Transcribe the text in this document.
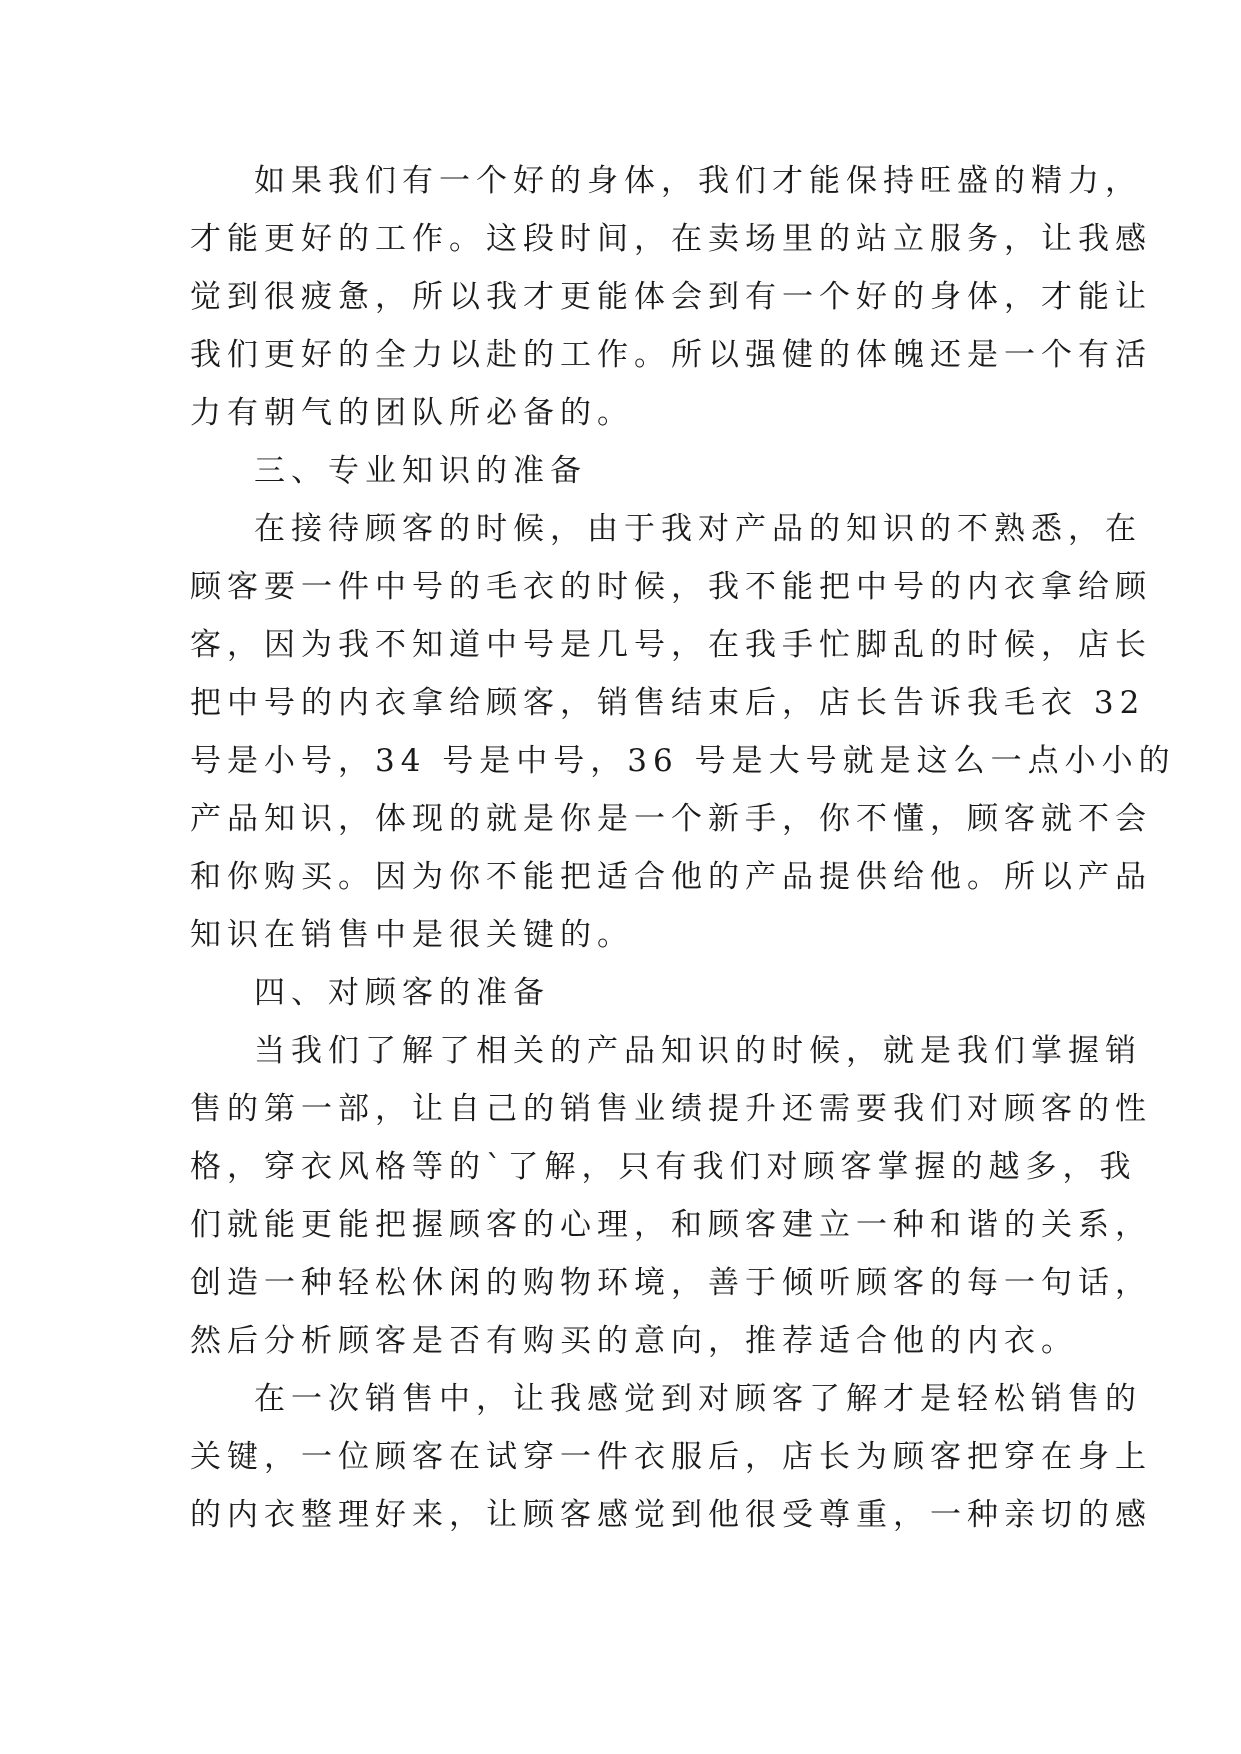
如果我们有一个好的身体，我们才能保持旺盛的精力，
才能更好的工作。这段时间，在卖场里的站立服务，让我感
觉到很疲惫，所以我才更能体会到有一个好的身体，才能让
我们更好的全力以赴的工作。所以强健的体魄还是一个有活
力有朝气的团队所必备的。
三、专业知识的准备
在接待顾客的时候，由于我对产品的知识的不熟悉，在
顾客要一件中号的毛衣的时候，我不能把中号的内衣拿给顾
客，因为我不知道中号是几号，在我手忙脚乱的时候，店长
把中号的内衣拿给顾客，销售结束后，店长告诉我毛衣 32
号是小号，34 号是中号，36 号是大号就是这么一点小小的
产品知识，体现的就是你是一个新手，你不懂，顾客就不会
和你购买。因为你不能把适合他的产品提供给他。所以产品
知识在销售中是很关键的。
四、对顾客的准备
当我们了解了相关的产品知识的时候，就是我们掌握销
售的第一部，让自己的销售业绩提升还需要我们对顾客的性
格，穿衣风格等的`了解，只有我们对顾客掌握的越多，我
们就能更能把握顾客的心理，和顾客建立一种和谐的关系，
创造一种轻松休闲的购物环境，善于倾听顾客的每一句话，
然后分析顾客是否有购买的意向，推荐适合他的内衣。
在一次销售中，让我感觉到对顾客了解才是轻松销售的
关键，一位顾客在试穿一件衣服后，店长为顾客把穿在身上
的内衣整理好来，让顾客感觉到他很受尊重，一种亲切的感
